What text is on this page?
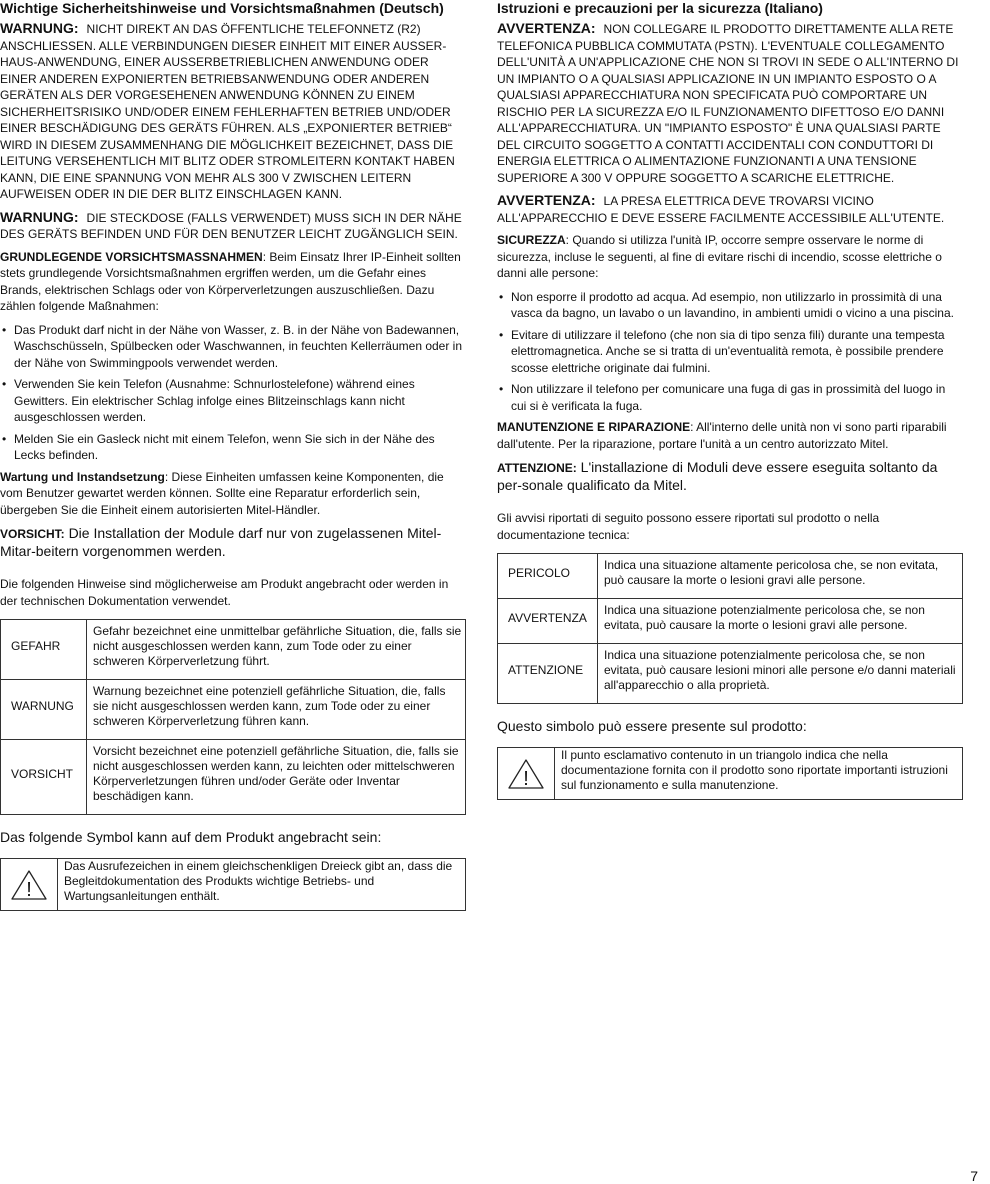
Wichtige Sicherheitshinweise und Vorsichtsmaßnahmen (Deutsch)
WARNUNG: NICHT DIREKT AN DAS ÖFFENTLICHE TELEFONNETZ (R2) ANSCHLIESSEN. ALLE VERBINDUNGEN DIESER EINHEIT MIT EINER AUSSER-HAUS-ANWENDUNG, EINER AUSSERBETRIEBLICHEN ANWENDUNG ODER EINER ANDEREN EXPONIERTEN BETRIEBSANWENDUNG ODER ANDEREN GERÄTEN ALS DER VORGESEHENEN ANWENDUNG KÖNNEN ZU EINEM SICHERHEITSRISIKO UND/ODER EINEM FEHLERHAFTEN BETRIEB UND/ODER EINER BESCHÄDIGUNG DES GERÄTS FÜHREN. ALS „EXPONIERTER BETRIEB“ WIRD IN DIESEM ZUSAMMENHANG DIE MÖGLICHKEIT BEZEICHNET, DASS DIE LEITUNG VERSEHENTLICH MIT BLITZ ODER STROMLEITERN KONTAKT HABEN KANN, DIE EINE SPANNUNG VON MEHR ALS 300 V ZWISCHEN LEITERN AUFWEISEN ODER IN DIE DER BLITZ EINSCHLAGEN KANN.
WARNUNG: DIE STECKDOSE (FALLS VERWENDET) MUSS SICH IN DER NÄHE DES GERÄTS BEFINDEN UND FÜR DEN BENUTZER LEICHT ZUGÄNGLICH SEIN.
GRUNDLEGENDE VORSICHTSMASSNAHMEN: Beim Einsatz Ihrer IP-Einheit sollten stets grundlegende Vorsichtsmaßnahmen ergriffen werden, um die Gefahr eines Brands, elektrischen Schlags oder von Körperverletzungen auszuschließen. Dazu zählen folgende Maßnahmen:
• Das Produkt darf nicht in der Nähe von Wasser, z. B. in der Nähe von Badewannen, Waschschüsseln, Spülbecken oder Waschwannen, in feuchten Kellerräumen oder in der Nähe von Swimmingpools verwendet werden.
• Verwenden Sie kein Telefon (Ausnahme: Schnurlostelefone) während eines Gewitters. Ein elektrischer Schlag infolge eines Blitzeinschlags kann nicht ausgeschlossen werden.
• Melden Sie ein Gasleck nicht mit einem Telefon, wenn Sie sich in der Nähe des Lecks befinden.
Wartung und Instandsetzung: Diese Einheiten umfassen keine Komponenten, die vom Benutzer gewartet werden können. Sollte eine Reparatur erforderlich sein, übergeben Sie die Einheit einem autorisierten Mitel-Händler.
VORSICHT: Die Installation der Module darf nur von zugelassenen Mitel-Mitar-beitern vorgenommen werden.
Die folgenden Hinweise sind möglicherweise am Produkt angebracht oder werden in der technischen Dokumentation verwendet.
GEFAHR	Gefahr bezeichnet eine unmittelbar gefährliche Situation, die, falls sie nicht ausgeschlossen werden kann, zum Tode oder zu einer schweren Körperverletzung führt.
WARNUNG	Warnung bezeichnet eine potenziell gefährliche Situation, die, falls sie nicht ausgeschlossen werden kann, zum Tode oder zu einer schweren Körperverletzung führen kann.
VORSICHT	Vorsicht bezeichnet eine potenziell gefährliche Situation, die, falls sie nicht ausgeschlossen werden kann, zu leichten oder mittelschweren Körperverletzungen führen und/oder Geräte oder Inventar beschädigen kann.
Das folgende Symbol kann auf dem Produkt angebracht sein:
!
	Das Ausrufezeichen in einem gleichschenkligen Dreieck gibt an, dass die Begleitdokumentation des Produkts wichtige Betriebs- und Wartungsanleitungen enthält.
Istruzioni e precauzioni per la sicurezza (Italiano)
AVVERTENZA: NON COLLEGARE IL PRODOTTO DIRETTAMENTE ALLA RETE TELEFONICA PUBBLICA COMMUTATA (PSTN). L'EVENTUALE COLLEGAMENTO DELL'UNITÀ A UN'APPLICAZIONE CHE NON SI TROVI IN SEDE O ALL'INTERNO DI UN IMPIANTO O A QUALSIASI APPLICAZIONE IN UN IMPIANTO ESPOSTO O A QUALSIASI APPARECCHIATURA NON SPECIFICATA PUÒ COMPORTARE UN RISCHIO PER LA SICUREZZA E/O IL FUNZIONAMENTO DIFETTOSO E/O DANNI ALL'APPARECCHIATURA. UN "IMPIANTO ESPOSTO" È UNA QUALSIASI PARTE DEL CIRCUITO SOGGETTO A CONTATTI ACCIDENTALI CON CONDUTTORI DI ENERGIA ELETTRICA O ALIMENTAZIONE FUNZIONANTI A UNA TENSIONE SUPERIORE A 300 V OPPURE SOGGETTO A SCARICHE ELETTRICHE.
AVVERTENZA: LA PRESA ELETTRICA DEVE TROVARSI VICINO ALL'APPARECCHIO E DEVE ESSERE FACILMENTE ACCESSIBILE ALL'UTENTE.
SICUREZZA: Quando si utilizza l'unità IP, occorre sempre osservare le norme di sicurezza, incluse le seguenti, al fine di evitare rischi di incendio, scosse elettriche o danni alle persone:
• Non esporre il prodotto ad acqua. Ad esempio, non utilizzarlo in prossimità di una vasca da bagno, un lavabo o un lavandino, in ambienti umidi o vicino a una piscina.
• Evitare di utilizzare il telefono (che non sia di tipo senza fili) durante una tempesta elettromagnetica. Anche se si tratta di un'eventualità remota, è possibile prendere scosse elettriche originate dai fulmini.
• Non utilizzare il telefono per comunicare una fuga di gas in prossimità del luogo in cui si è verificata la fuga.
MANUTENZIONE E RIPARAZIONE: All'interno delle unità non vi sono parti riparabili dall'utente. Per la riparazione, portare l'unità a un centro autorizzato Mitel.
ATTENZIONE: L'installazione di Moduli deve essere eseguita soltanto da per-sonale qualificato da Mitel.
Gli avvisi riportati di seguito possono essere riportati sul prodotto o nella documentazione tecnica:
PERICOLO	Indica una situazione altamente pericolosa che, se non evitata, può causare la morte o lesioni gravi alle persone.
AVVERTENZA	Indica una situazione potenzialmente pericolosa che, se non evitata, può causare la morte o lesioni gravi alle persone.
ATTENZIONE	Indica una situazione potenzialmente pericolosa che, se non evitata, può causare lesioni minori alle persone e/o danni materiali all'apparecchio o alla proprietà.
Questo simbolo può essere presente sul prodotto:
!
	Il punto esclamativo contenuto in un triangolo indica che nella documentazione fornita con il prodotto sono riportate importanti istruzioni sul funzionamento e sulla manutenzione.
7
